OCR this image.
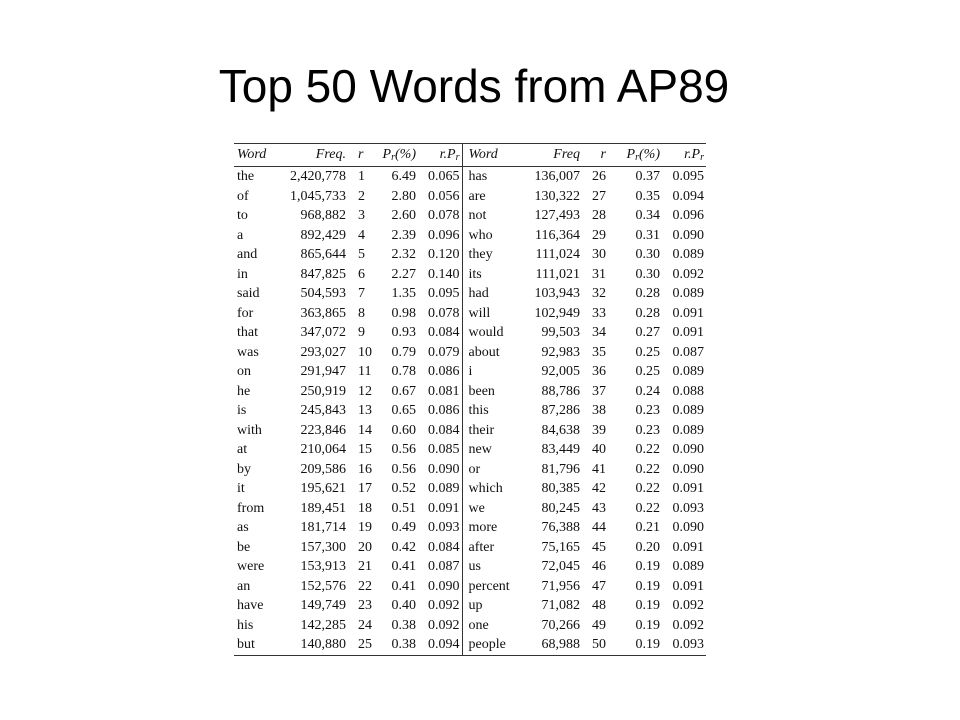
Top 50 Words from AP89
Word	Freq.	r	$P_r(\%)$	$r.P_r$	Word	Freq	r	$P_r(\%)$	$r.P_r$
the	2,420,778	1	6.49	0.065	has	136,007	26	0.37	0.095
of	1,045,733	2	2.80	0.056	are	130,322	27	0.35	0.094
to	968,882	3	2.60	0.078	not	127,493	28	0.34	0.096
a	892,429	4	2.39	0.096	who	116,364	29	0.31	0.090
and	865,644	5	2.32	0.120	they	111,024	30	0.30	0.089
in	847,825	6	2.27	0.140	its	111,021	31	0.30	0.092
said	504,593	7	1.35	0.095	had	103,943	32	0.28	0.089
for	363,865	8	0.98	0.078	will	102,949	33	0.28	0.091
that	347,072	9	0.93	0.084	would	99,503	34	0.27	0.091
was	293,027	10	0.79	0.079	about	92,983	35	0.25	0.087
on	291,947	11	0.78	0.086	i	92,005	36	0.25	0.089
he	250,919	12	0.67	0.081	been	88,786	37	0.24	0.088
is	245,843	13	0.65	0.086	this	87,286	38	0.23	0.089
with	223,846	14	0.60	0.084	their	84,638	39	0.23	0.089
at	210,064	15	0.56	0.085	new	83,449	40	0.22	0.090
by	209,586	16	0.56	0.090	or	81,796	41	0.22	0.090
it	195,621	17	0.52	0.089	which	80,385	42	0.22	0.091
from	189,451	18	0.51	0.091	we	80,245	43	0.22	0.093
as	181,714	19	0.49	0.093	more	76,388	44	0.21	0.090
be	157,300	20	0.42	0.084	after	75,165	45	0.20	0.091
were	153,913	21	0.41	0.087	us	72,045	46	0.19	0.089
an	152,576	22	0.41	0.090	percent	71,956	47	0.19	0.091
have	149,749	23	0.40	0.092	up	71,082	48	0.19	0.092
his	142,285	24	0.38	0.092	one	70,266	49	0.19	0.092
but	140,880	25	0.38	0.094	people	68,988	50	0.19	0.093
